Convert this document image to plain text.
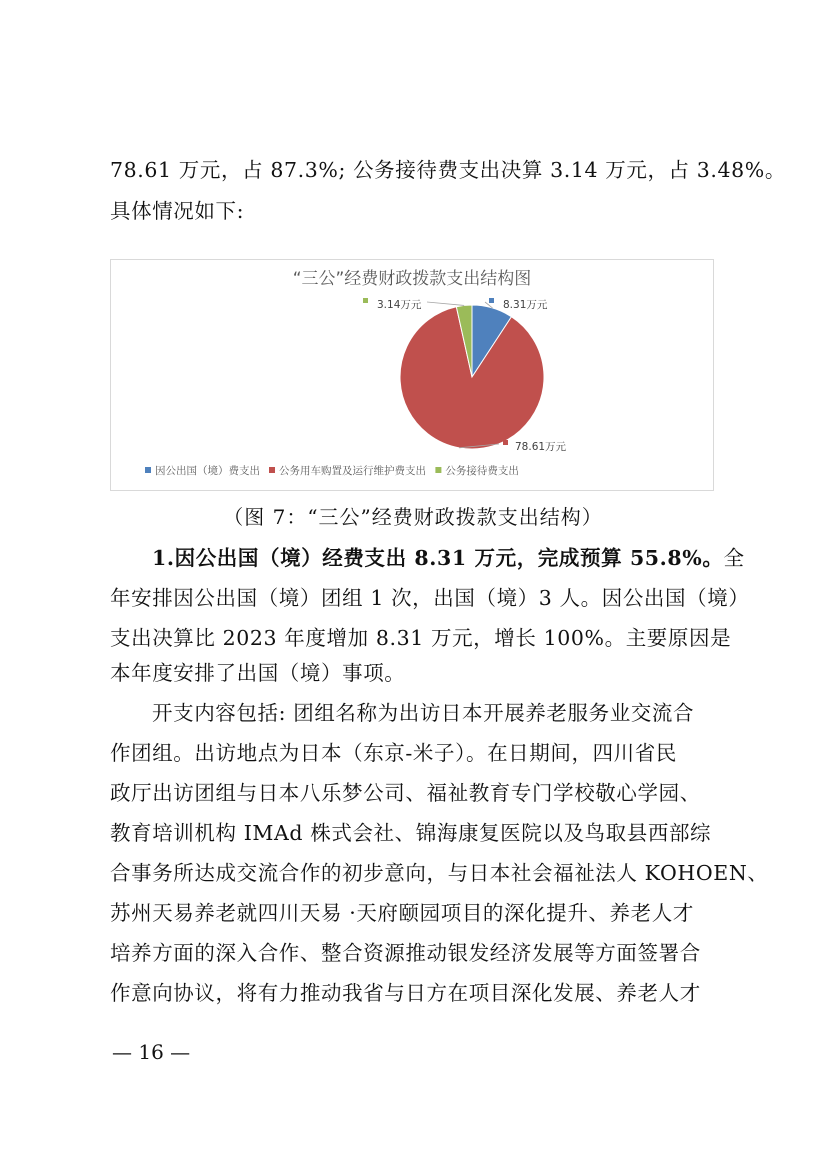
78.61 万元，占 87.3%; 公务接待费支出决算 3.14 万元，占 3.48%。
具体情况如下:
“三公”经费财政拨款支出结构图
8.31万元
78.61万元
3.14万元
因公出国（境）费支出 公务用车购置及运行维护费支出 公务接待费支出
（图 7：“三公”经费财政拨款支出结构）
1.因公出国（境）经费支出 8.31 万元，完成预算 55.8%。全
年安排因公出国（境）团组 1 次，出国（境）3 人。因公出国（境）
支出决算比 2023 年度增加 8.31 万元，增长 100%。主要原因是
本年度安排了出国（境）事项。
开支内容包括: 团组名称为出访日本开展养老服务业交流合
作团组。出访地点为日本（东京-米子）。在日期间，四川省民
政厅出访团组与日本八乐梦公司、福祉教育专门学校敬心学园、
教育培训机构 IMAd 株式会社、锦海康复医院以及鸟取县西部综
合事务所达成交流合作的初步意向，与日本社会福祉法人 KOHOEN、
苏州天易养老就四川天易 ·天府颐园项目的深化提升、养老人才
培养方面的深入合作、整合资源推动银发经济发展等方面签署合
作意向协议，将有力推动我省与日方在项目深化发展、养老人才
— 16 —
